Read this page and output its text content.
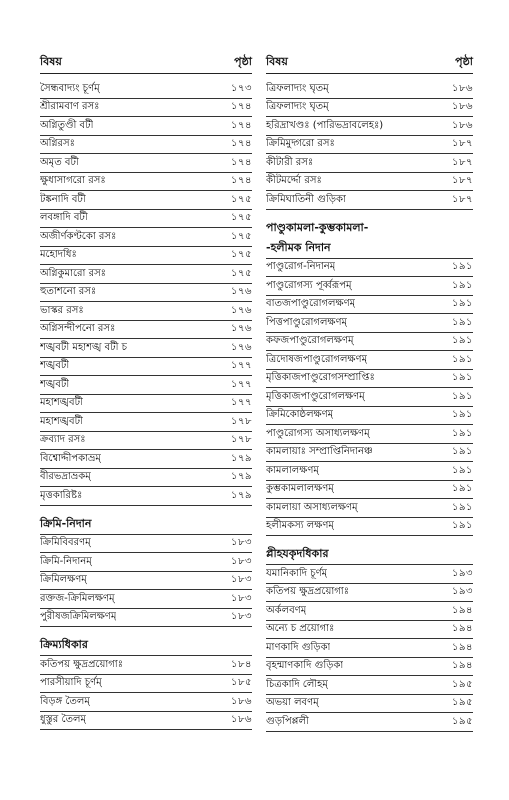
বিষয়	পৃষ্ঠা
সৈন্ধবাদ্যং চূর্ণম্	১৭৩
শ্রীরামবাণ রসঃ	১৭৪
অগ্নিতুণ্ডী বটী	১৭৪
অগ্নিরসঃ	১৭৪
অমৃত বটী	১৭৪
ক্ষুধাসাগরো রসঃ	১৭৪
টঙ্কনাদি বটী	১৭৫
লবঙ্গাদি বটী	১৭৫
অজীর্ণকণ্টকো রসঃ	১৭৫
মহোদধিঃ	১৭৫
অগ্নিকুমারো রসঃ	১৭৫
হুতাশনো রসঃ	১৭৬
ভাস্কর রসঃ	১৭৬
অগ্নিসন্দীপনো রসঃ	১৭৬
শঙ্খবটী মহাশঙ্খ বটী চ	১৭৬
শঙ্খবটী	১৭৭
শঙ্খবটী	১৭৭
মহাশঙ্খবটী	১৭৭
মহাশঙ্খবটী	১৭৮
ক্রব্যাদ রসঃ	১৭৮
বিশ্বোদ্দীপকাভ্রম্	১৭৯
বীরভদ্রাভ্রকম্	১৭৯
মৃত্তকারিষ্টঃ	১৭৯
ক্রিমি-নিদান
ক্রিমিবিবরণম্	১৮৩
ক্রিমি-নিদানম্	১৮৩
ক্রিমিলক্ষণম্	১৮৩
রক্তজ-ক্রিমিলক্ষণম্	১৮৩
পুরীষজক্রিমিলক্ষণম্	১৮৩
ক্রিম্যধিকার
কতিপয় ক্ষুদ্রপ্রয়োগাঃ	১৮৪
পারসীয়াদি চূর্ণম্	১৮৫
বিড়ঙ্গ তৈলম্	১৮৬
ধুস্তুর তৈলম্	১৮৬
বিষয়	পৃষ্ঠা
ত্রিফলাদ্যং ঘৃতম্	১৮৬
ত্রিফলাদ্যং ঘৃতম্	১৮৬
হরিদ্রাখণ্ডঃ (পারিভদ্রাবলেহঃ)	১৮৬
ক্রিমিমুদ্গরো রসঃ	১৮৭
কীটারী রসঃ	১৮৭
কীটমর্দ্দো রসঃ	১৮৭
ক্রিমিঘাতিনী গুড়িকা	১৮৭
পাণ্ডুকামলা-কুম্ভকামলা-
-হলীমক নিদান
পাণ্ডুরোগ-নিদানম্	১৯১
পাণ্ডুরোগস্য পূর্ব্বরূপম্	১৯১
বাতজপাণ্ডুরোগলক্ষণম্	১৯১
পিত্তপাণ্ডুরোগলক্ষণম্	১৯১
কফজপাণ্ডুরোগলক্ষণম্	১৯১
ত্রিদোষজপাণ্ডুরোগলক্ষণম্	১৯১
মৃত্তিকাজপাণ্ডুরোগসম্প্রাপ্তিঃ	১৯১
মৃত্তিকাজপাণ্ডুরোগলক্ষণম্	১৯১
ক্রিমিকোষ্ঠলক্ষণম্	১৯১
পাণ্ডুরোগস্য অসাধ্যলক্ষণম্	১৯১
কামলায়াঃ সম্প্রাপ্তিনিদানঞ্চ	১৯১
কামলালক্ষণম্	১৯১
কুম্ভকামলালক্ষণম্	১৯১
কামলায়া অসাধ্যলক্ষণম্	১৯১
হলীমকস্য লক্ষণম্	১৯১
প্লীহযকৃদধিকার
যমানিকাদি চূর্ণম্	১৯৩
কতিপয় ক্ষুদ্রপ্রয়োগাঃ	১৯৩
অর্কলবণম্	১৯৪
অন্যে চ প্রয়োগাঃ	১৯৪
মাণকাদি গুড়িকা	১৯৪
বৃহন্মাণকাদি গুড়িকা	১৯৪
চিত্রকাদি লৌহম্	১৯৫
অভয়া লবণম্	১৯৫
গুড়পিপ্পলী	১৯৫
